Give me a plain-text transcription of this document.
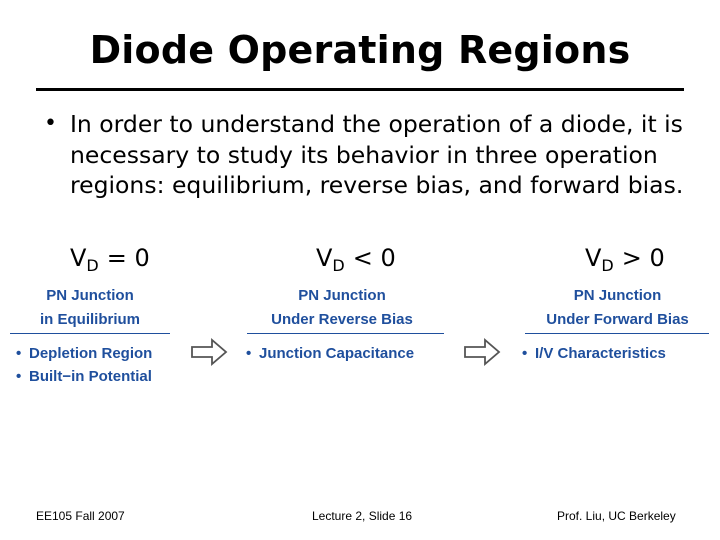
Diode Operating Regions
• In order to understand the operation of a diode, it is necessary to study its behavior in three operation regions: equilibrium, reverse bias, and forward bias.
$V_D = 0$	$V_D < 0$	$V_D > 0$
PN Junction
in Equilibrium
PN Junction
Under Reverse Bias
PN Junction
Under Forward Bias
• Depletion Region
• Built−in Potential
• Junction Capacitance	• I/V Characteristics
EE105 Fall 2007	Lecture 2, Slide 16	Prof. Liu, UC Berkeley
